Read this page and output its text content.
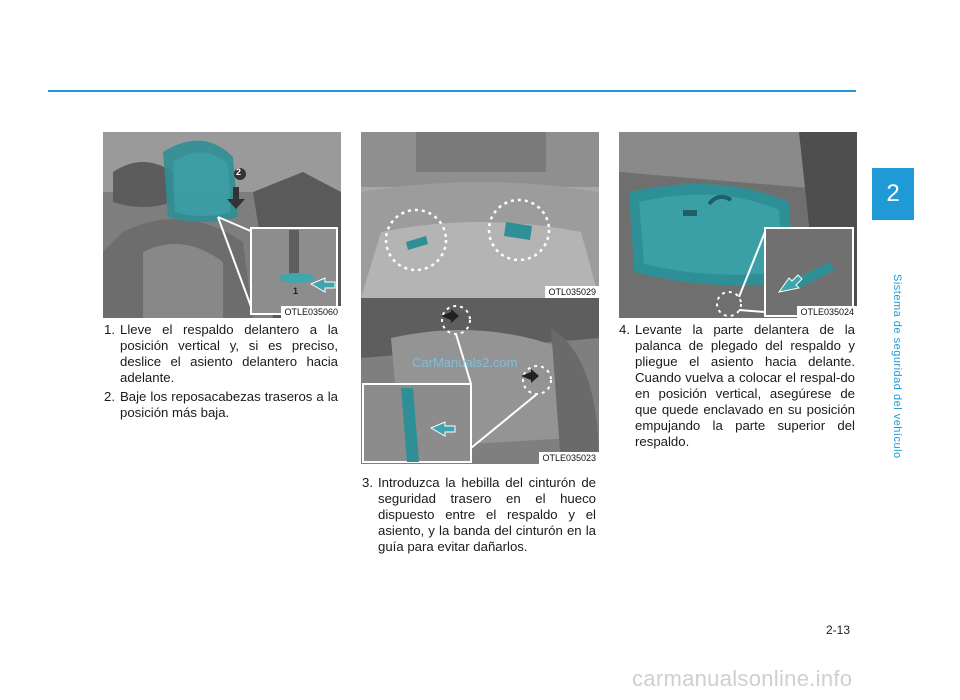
2
Sistema de seguridad del vehículo
2
1
OTLE035060
OTL035029
CarManuals2.com
OTLE035023
OTLE035024
1. Lleve el respaldo delantero a la posición vertical y, si es preciso, deslice el asiento delantero hacia adelante.
2. Baje los reposacabezas traseros a la posición más baja.
3. Introduzca la hebilla del cinturón de seguridad trasero en el hueco dispuesto entre el respaldo y el asiento, y la banda del cinturón en la guía para evitar dañarlos.
4. Levante la parte delantera de la palanca de plegado del respaldo y pliegue el asiento hacia delante. Cuando vuelva a colocar el respal-do en posición vertical, asegúrese de que quede enclavado en su posición empujando la parte superior del respaldo.
2-13
carmanualsonline.info
